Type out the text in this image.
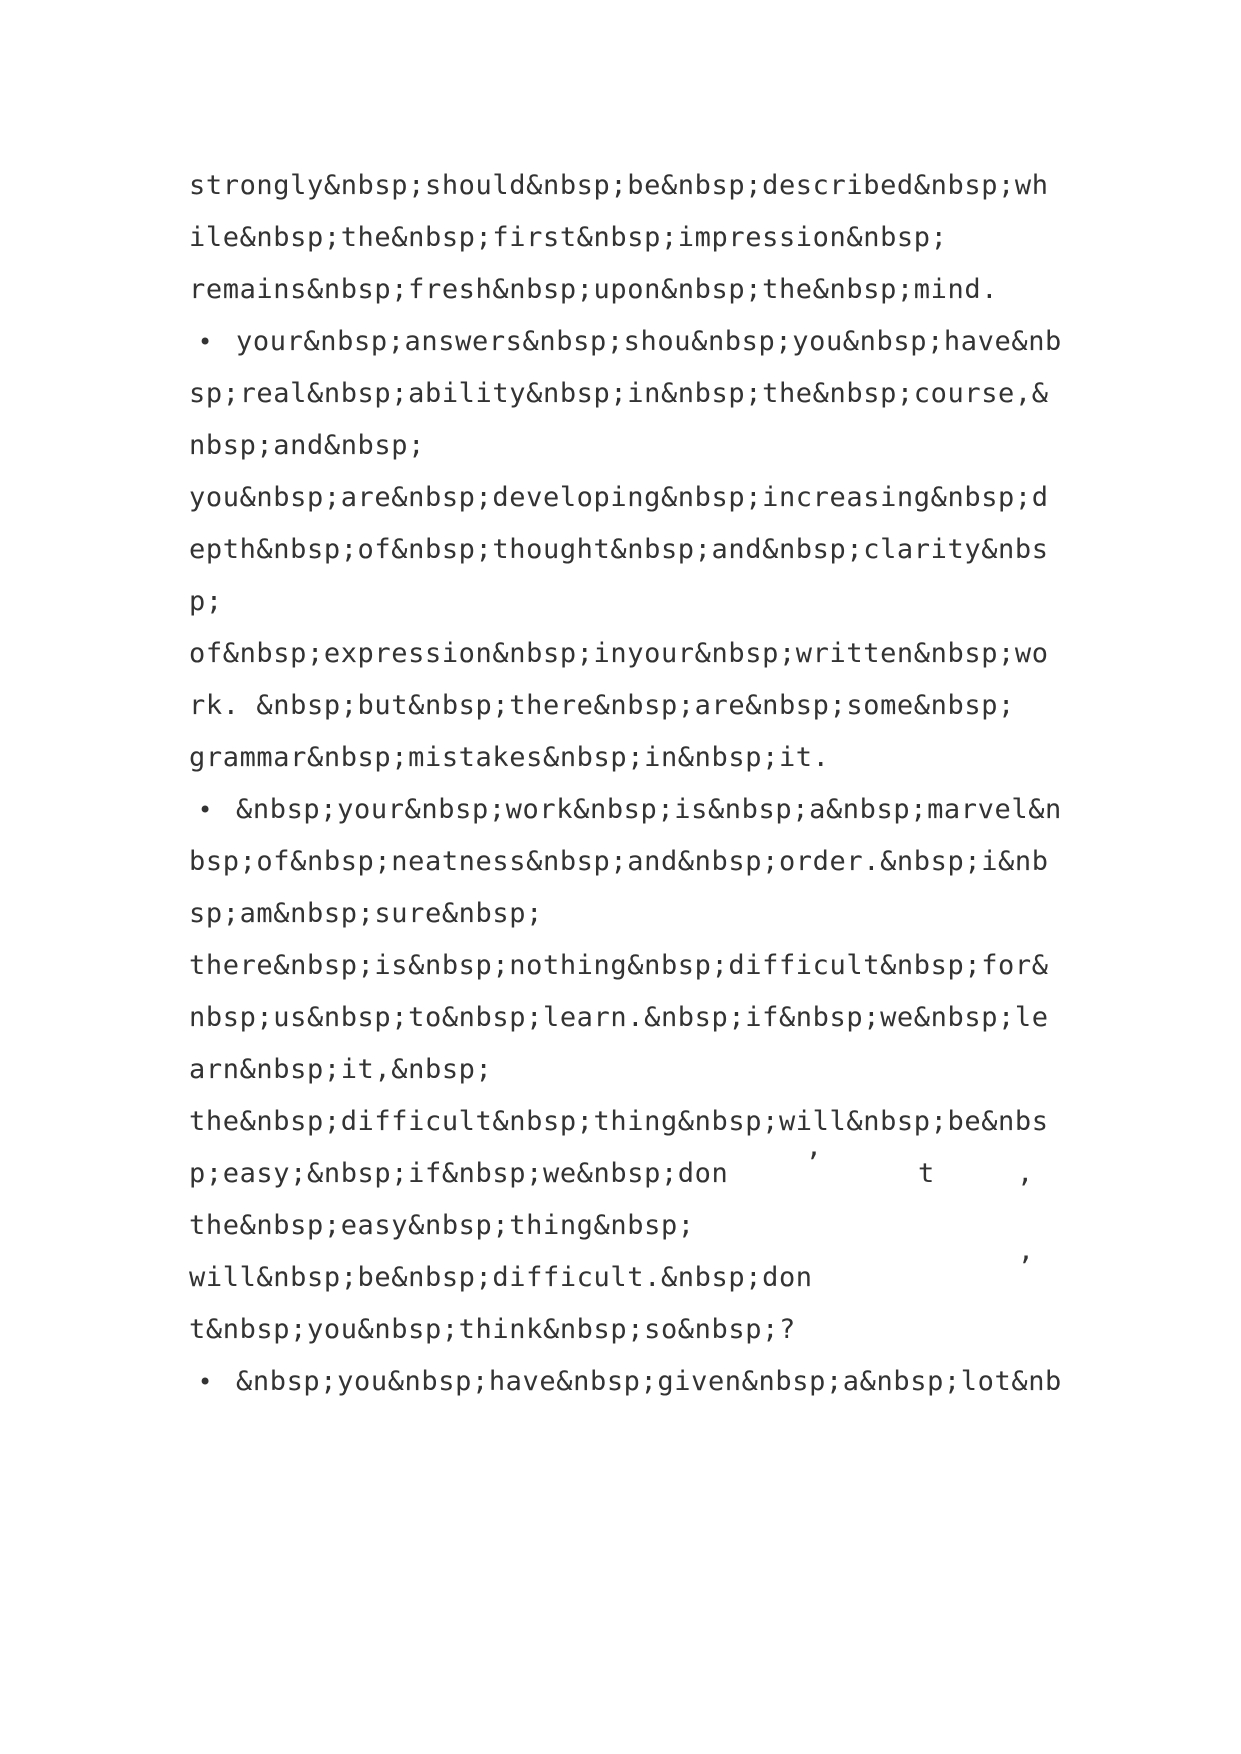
strongly&nbsp;should&nbsp;be&nbsp;described&nbsp;wh
ile&nbsp;the&nbsp;first&nbsp;impression&nbsp;
remains&nbsp;fresh&nbsp;upon&nbsp;the&nbsp;mind.
• your&nbsp;answers&nbsp;shou&nbsp;you&nbsp;have&nb
sp;real&nbsp;ability&nbsp;in&nbsp;the&nbsp;course,&
nbsp;and&nbsp;
you&nbsp;are&nbsp;developing&nbsp;increasing&nbsp;d
epth&nbsp;of&nbsp;thought&nbsp;and&nbsp;clarity&nbs
p;
of&nbsp;expression&nbsp;inyour&nbsp;written&nbsp;wo
rk. &nbsp;but&nbsp;there&nbsp;are&nbsp;some&nbsp;
grammar&nbsp;mistakes&nbsp;in&nbsp;it.
• &nbsp;your&nbsp;work&nbsp;is&nbsp;a&nbsp;marvel&n
bsp;of&nbsp;neatness&nbsp;and&nbsp;order.&nbsp;i&nb
sp;am&nbsp;sure&nbsp;
there&nbsp;is&nbsp;nothing&nbsp;difficult&nbsp;for&
nbsp;us&nbsp;to&nbsp;learn.&nbsp;if&nbsp;we&nbsp;le
arn&nbsp;it,&nbsp;
the&nbsp;difficult&nbsp;thing&nbsp;will&nbsp;be&nbs
p;easy;&nbsp;if&nbsp;we&nbsp;don	’	t	,
the&nbsp;easy&nbsp;thing&nbsp;
will&nbsp;be&nbsp;difficult.&nbsp;don	’
t&nbsp;you&nbsp;think&nbsp;so&nbsp;?
• &nbsp;you&nbsp;have&nbsp;given&nbsp;a&nbsp;lot&nb
